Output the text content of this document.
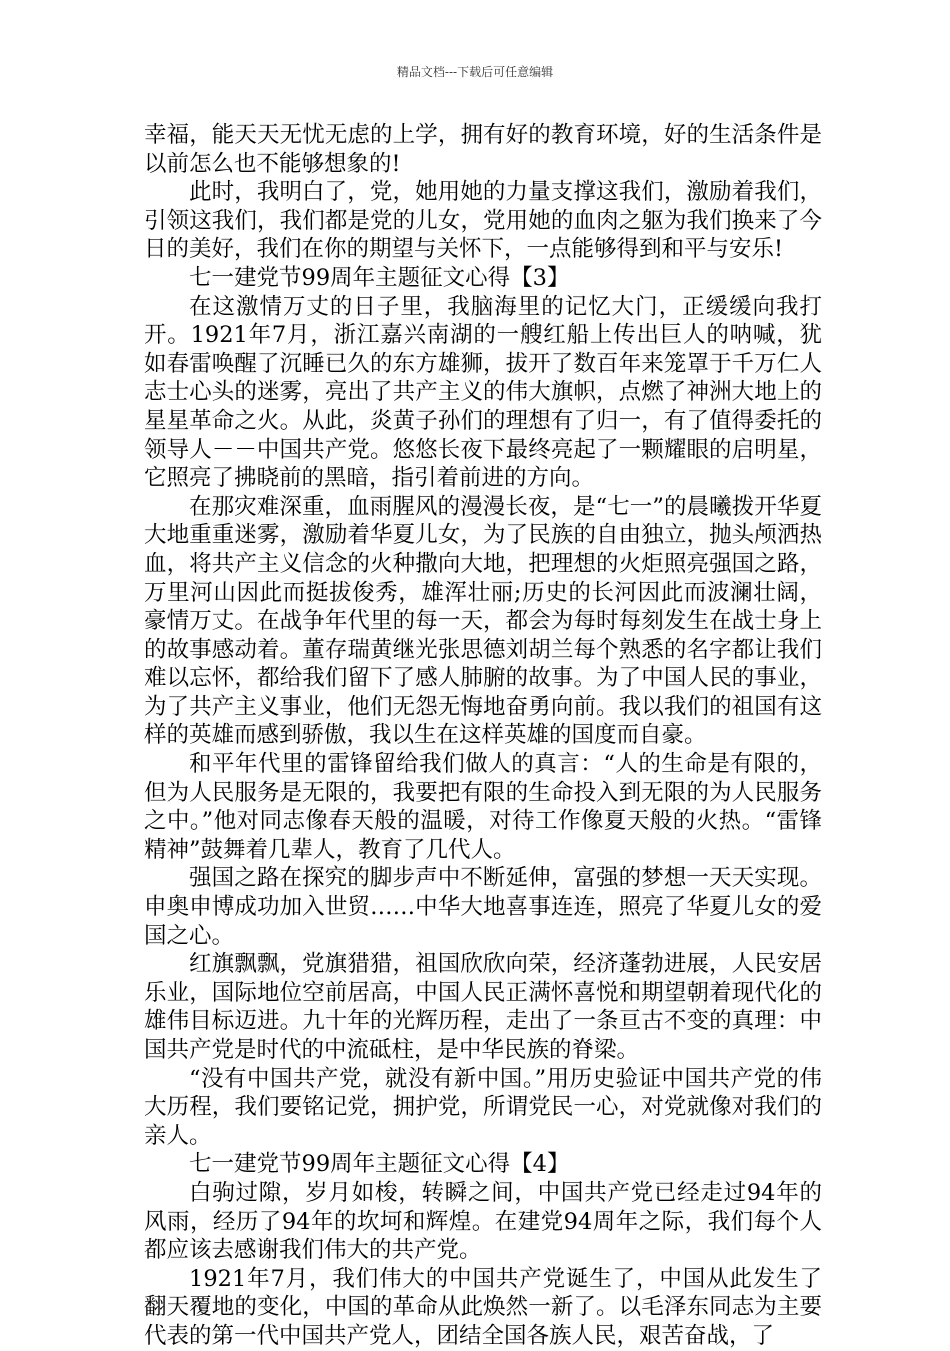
精品文档---下载后可任意编辑

幸福，能天天无忧无虑的上学，拥有好的教育环境，好的生活条件是以前怎么也不能够想象的!

此时，我明白了，党，她用她的力量支撑这我们，激励着我们，引领这我们，我们都是党的儿女，党用她的血肉之躯为我们换来了今日的美好，我们在你的期望与关怀下，一点能够得到和平与安乐!

七一建党节99周年主题征文心得【3】

在这激情万丈的日子里，我脑海里的记忆大门，正缓缓向我打开。1921年7月，浙江嘉兴南湖的一艘红船上传出巨人的呐喊，犹如春雷唤醒了沉睡已久的东方雄狮，拔开了数百年来笼罩于千万仁人志士心头的迷雾，亮出了共产主义的伟大旗帜，点燃了神洲大地上的星星革命之火。从此，炎黄子孙们的理想有了归一，有了值得委托的领导人－－中国共产党。悠悠长夜下最终亮起了一颗耀眼的启明星，它照亮了拂晓前的黑暗，指引着前进的方向。

在那灾难深重，血雨腥风的漫漫长夜，是“七一”的晨曦拨开华夏大地重重迷雾，激励着华夏儿女，为了民族的自由独立，抛头颅洒热血，将共产主义信念的火种撒向大地，把理想的火炬照亮强国之路，万里河山因此而挺拔俊秀，雄浑壮丽;历史的长河因此而波澜壮阔，豪情万丈。在战争年代里的每一天，都会为每时每刻发生在战士身上的故事感动着。董存瑞黄继光张思德刘胡兰每个熟悉的名字都让我们难以忘怀，都给我们留下了感人肺腑的故事。为了中国人民的事业，为了共产主义事业，他们无怨无悔地奋勇向前。我以我们的祖国有这样的英雄而感到骄傲，我以生在这样英雄的国度而自豪。

和平年代里的雷锋留给我们做人的真言：“人的生命是有限的，但为人民服务是无限的，我要把有限的生命投入到无限的为人民服务之中。”他对同志像春天般的温暖，对待工作像夏天般的火热。“雷锋精神”鼓舞着几辈人，教育了几代人。

强国之路在探究的脚步声中不断延伸，富强的梦想一天天实现。申奥申博成功加入世贸……中华大地喜事连连，照亮了华夏儿女的爱国之心。

红旗飘飘，党旗猎猎，祖国欣欣向荣，经济蓬勃进展，人民安居乐业，国际地位空前居高，中国人民正满怀喜悦和期望朝着现代化的雄伟目标迈进。九十年的光辉历程，走出了一条亘古不变的真理：中国共产党是时代的中流砥柱，是中华民族的脊梁。

“没有中国共产党，就没有新中国。”用历史验证中国共产党的伟大历程，我们要铭记党，拥护党，所谓党民一心，对党就像对我们的亲人。

七一建党节99周年主题征文心得【4】

白驹过隙，岁月如梭，转瞬之间，中国共产党已经走过94年的风雨，经历了94年的坎坷和辉煌。在建党94周年之际，我们每个人都应该去感谢我们伟大的共产党。

1921年7月，我们伟大的中国共产党诞生了，中国从此发生了翻天覆地的变化，中国的革命从此焕然一新了。以毛泽东同志为主要代表的第一代中国共产党人，团结全国各族人民，艰苦奋战，了
